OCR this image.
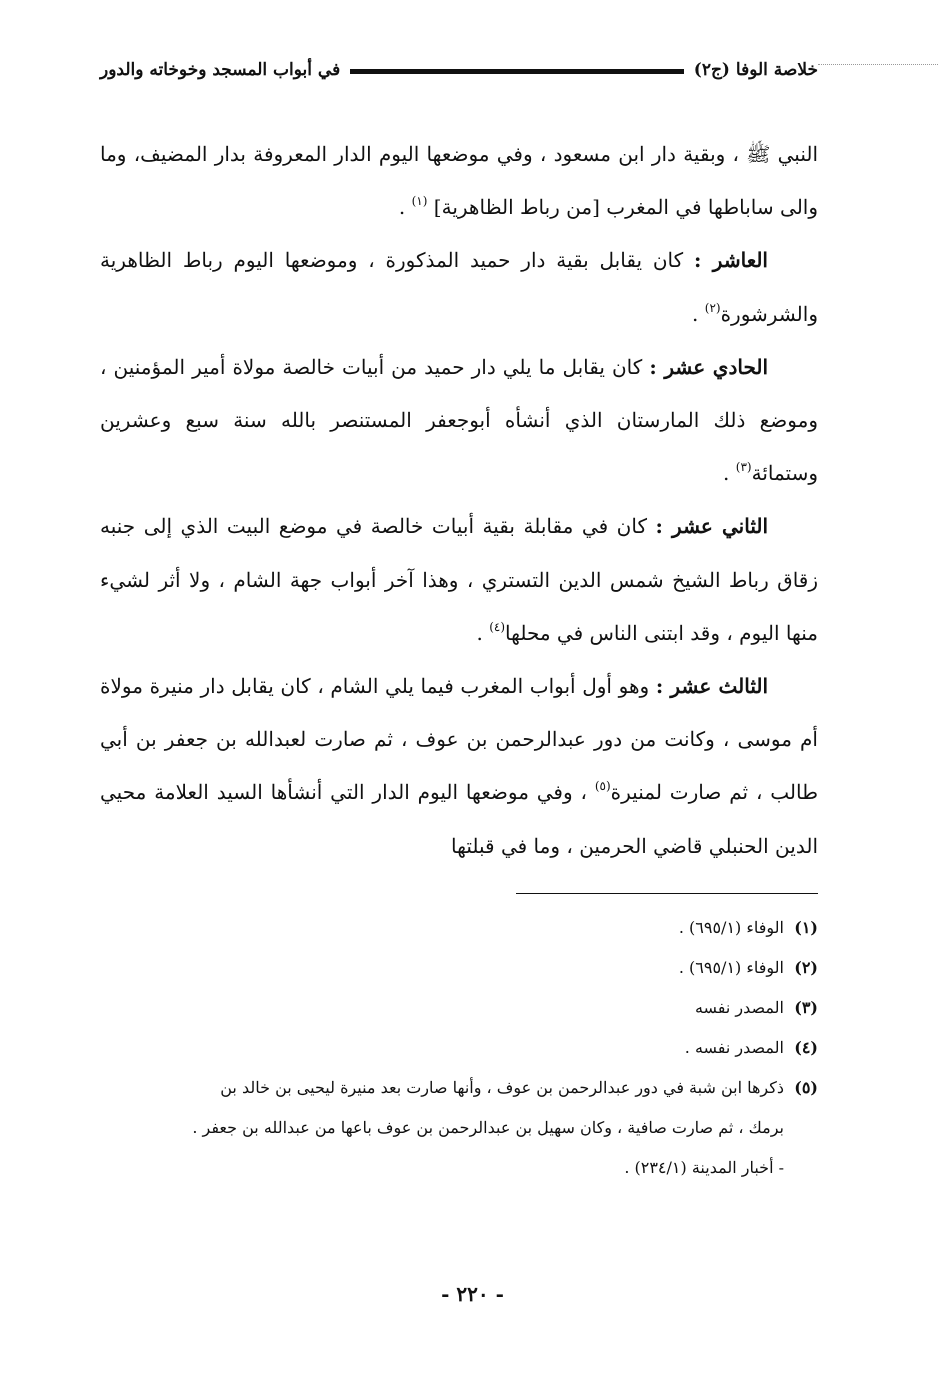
خلاصة الوفا (ج٢)
في أبواب المسجد وخوخاته والدور

النبي ﷺ ، وبقية دار ابن مسعود ، وفي موضعها اليوم الدار المعروفة بدار المضيف، وما والى ساباطها في المغرب [من رباط الظاهرية] $^{(١)}$ .

العاشر : كان يقابل بقية دار حميد المذكورة ، وموضعها اليوم رباط الظاهرية والشرشورة$^{(٢)}$ .

الحادي عشر : كان يقابل ما يلي دار حميد من أبيات خالصة مولاة أمير المؤمنين ، وموضع ذلك المارستان الذي أنشأه أبوجعفر المستنصر بالله سنة سبع وعشرين وستمائة$^{(٣)}$ .

الثاني عشر : كان في مقابلة بقية أبيات خالصة في موضع البيت الذي إلى جنبه زقاق رباط الشيخ شمس الدين التستري ، وهذا آخر أبواب جهة الشام ، ولا أثر لشيء منها اليوم ، وقد ابتنى الناس في محلها$^{(٤)}$ .

الثالث عشر : وهو أول أبواب المغرب فيما يلي الشام ، كان يقابل دار منيرة مولاة أم موسى ، وكانت من دور عبدالرحمن بن عوف ، ثم صارت لعبدالله بن جعفر بن أبي طالب ، ثم صارت لمنيرة$^{(٥)}$ ، وفي موضعها اليوم الدار التي أنشأها السيد العلامة محيي الدين الحنبلي قاضي الحرمين ، وما في قبلتها

(١)
الوفاء (٦٩٥/١) .
(٢)
الوفاء (٦٩٥/١) .
(٣)
المصدر نفسه
(٤)
المصدر نفسه .
(٥)
ذكرها ابن شبة في دور عبدالرحمن بن عوف ، وأنها صارت بعد منيرة ليحيى بن خالد بن
برمك ، ثم صارت صافية ، وكان سهيل بن عبدالرحمن بن عوف باعها من عبدالله بن جعفر .
- أخبار المدينة (٢٣٤/١) .
- ٢٢٠ -
